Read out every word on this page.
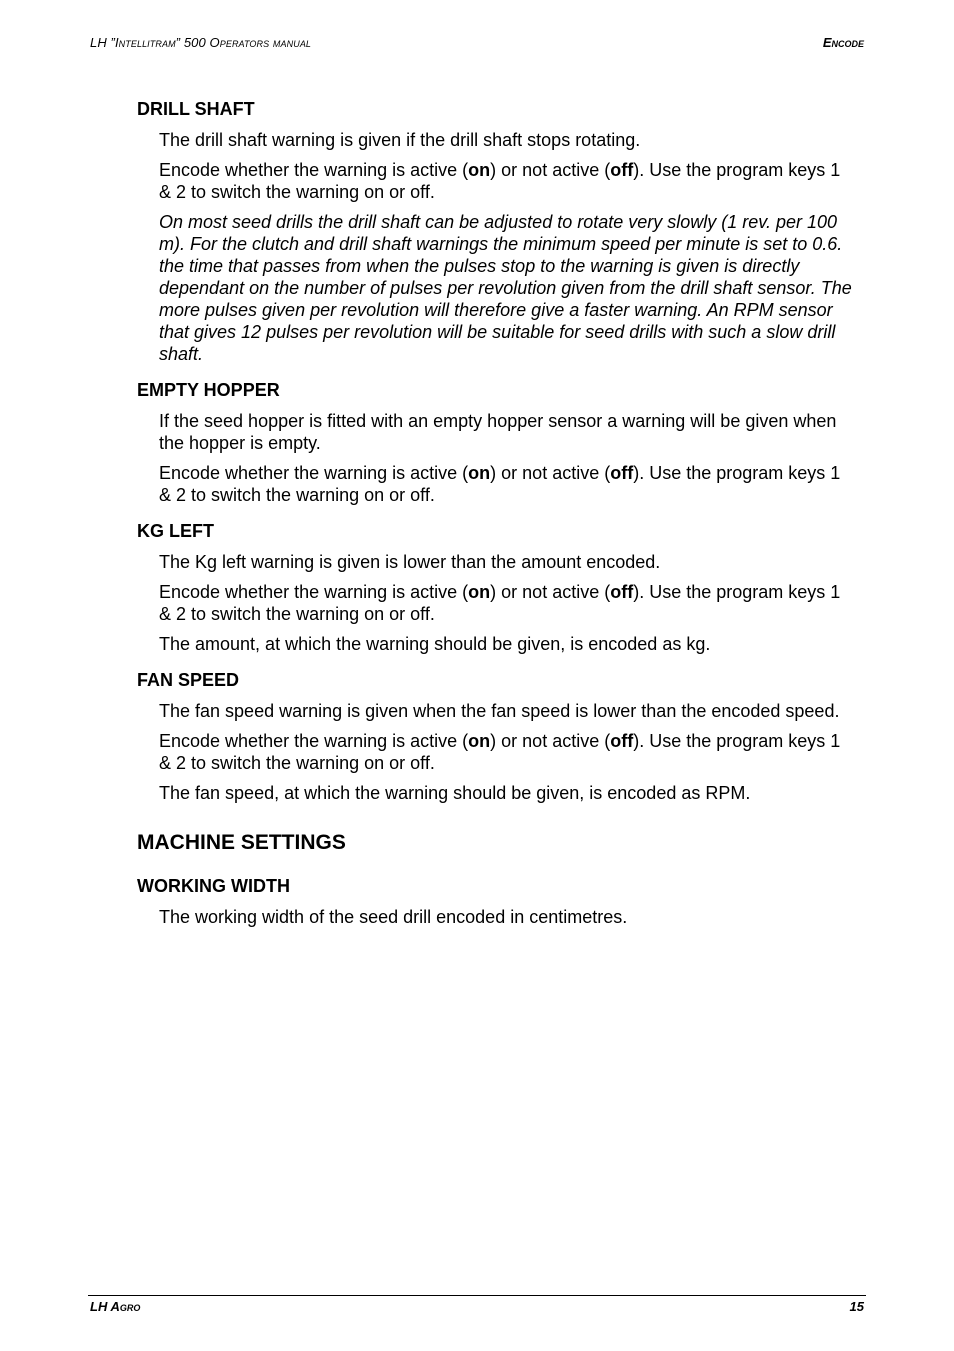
LH ”Intellitram” 500 Operators manual	Encode
DRILL SHAFT

The drill shaft warning is given if the drill shaft stops rotating.

Encode whether the warning is active (on) or not active (off). Use the program keys 1 & 2 to switch the warning on or off.

On most seed drills the drill shaft can be adjusted to rotate very slowly (1 rev. per 100 m). For the clutch and drill shaft warnings the minimum speed per minute is set to 0.6. the time that passes from when the pulses stop to the warning is given is directly dependant on the number of pulses per revolution given from the drill shaft sensor. The more pulses given per revolution will therefore give a faster warning. An RPM sensor that gives 12 pulses per revolution will be suitable for seed drills with such a slow drill shaft.

EMPTY HOPPER

If the seed hopper is fitted with an empty hopper sensor a warning will be given when the hopper is empty.

Encode whether the warning is active (on) or not active (off). Use the program keys 1 & 2 to switch the warning on or off.

KG LEFT

The Kg left warning is given is lower than the amount encoded.

Encode whether the warning is active (on) or not active (off). Use the program keys 1 & 2 to switch the warning on or off.

The amount, at which the warning should be given, is encoded as kg.

FAN SPEED

The fan speed warning is given when the fan speed is lower than the encoded speed.

Encode whether the warning is active (on) or not active (off). Use the program keys 1 & 2 to switch the warning on or off.

The fan speed, at which the warning should be given, is encoded as RPM.

MACHINE SETTINGS
WORKING WIDTH

The working width of the seed drill encoded in centimetres.

LH Agro	15
